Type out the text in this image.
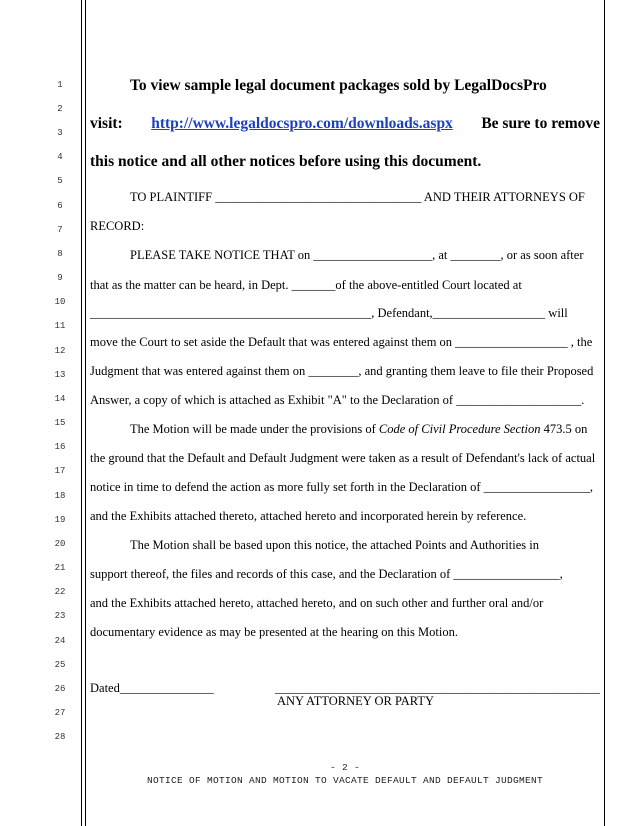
1
2
3
4
5
6
7
8
9
10
11
12
13
14
15
16
17
18
19
20
21
22
23
24
25
26
27
28
To view sample legal document packages sold by LegalDocsPro
visit: http://www.legaldocspro.com/downloads.aspx Be sure to remove
this notice and all other notices before using this document.
TO PLAINTIFF _________________________________ AND THEIR ATTORNEYS OF
RECORD:
PLEASE TAKE NOTICE THAT on ___________________, at ________, or as soon after
that as the matter can be heard, in Dept. _______of the above-entitled Court located at
_____________________________________________, Defendant,__________________ will
move the Court to set aside the Default that was entered against them on __________________ , the
Judgment that was entered against them on ________, and granting them leave to file their Proposed
Answer, a copy of which is attached as Exhibit "A" to the Declaration of ____________________.
The Motion will be made under the provisions of Code of Civil Procedure Section 473.5 on
the ground that the Default and Default Judgment were taken as a result of Defendant's lack of actual
notice in time to defend the action as more fully set forth in the Declaration of _________________,
and the Exhibits attached thereto, attached hereto and incorporated herein by reference.
The Motion shall be based upon this notice, the attached Points and Authorities in
support thereof, the files and records of this case, and the Declaration of _________________,
and the Exhibits attached hereto, attached hereto, and on such other and further oral and/or
documentary evidence as may be presented at the hearing on this Motion.
Dated_______________	____________________________________________________
ANY ATTORNEY OR PARTY
- 2 -
NOTICE OF MOTION AND MOTION TO VACATE DEFAULT AND DEFAULT JUDGMENT
